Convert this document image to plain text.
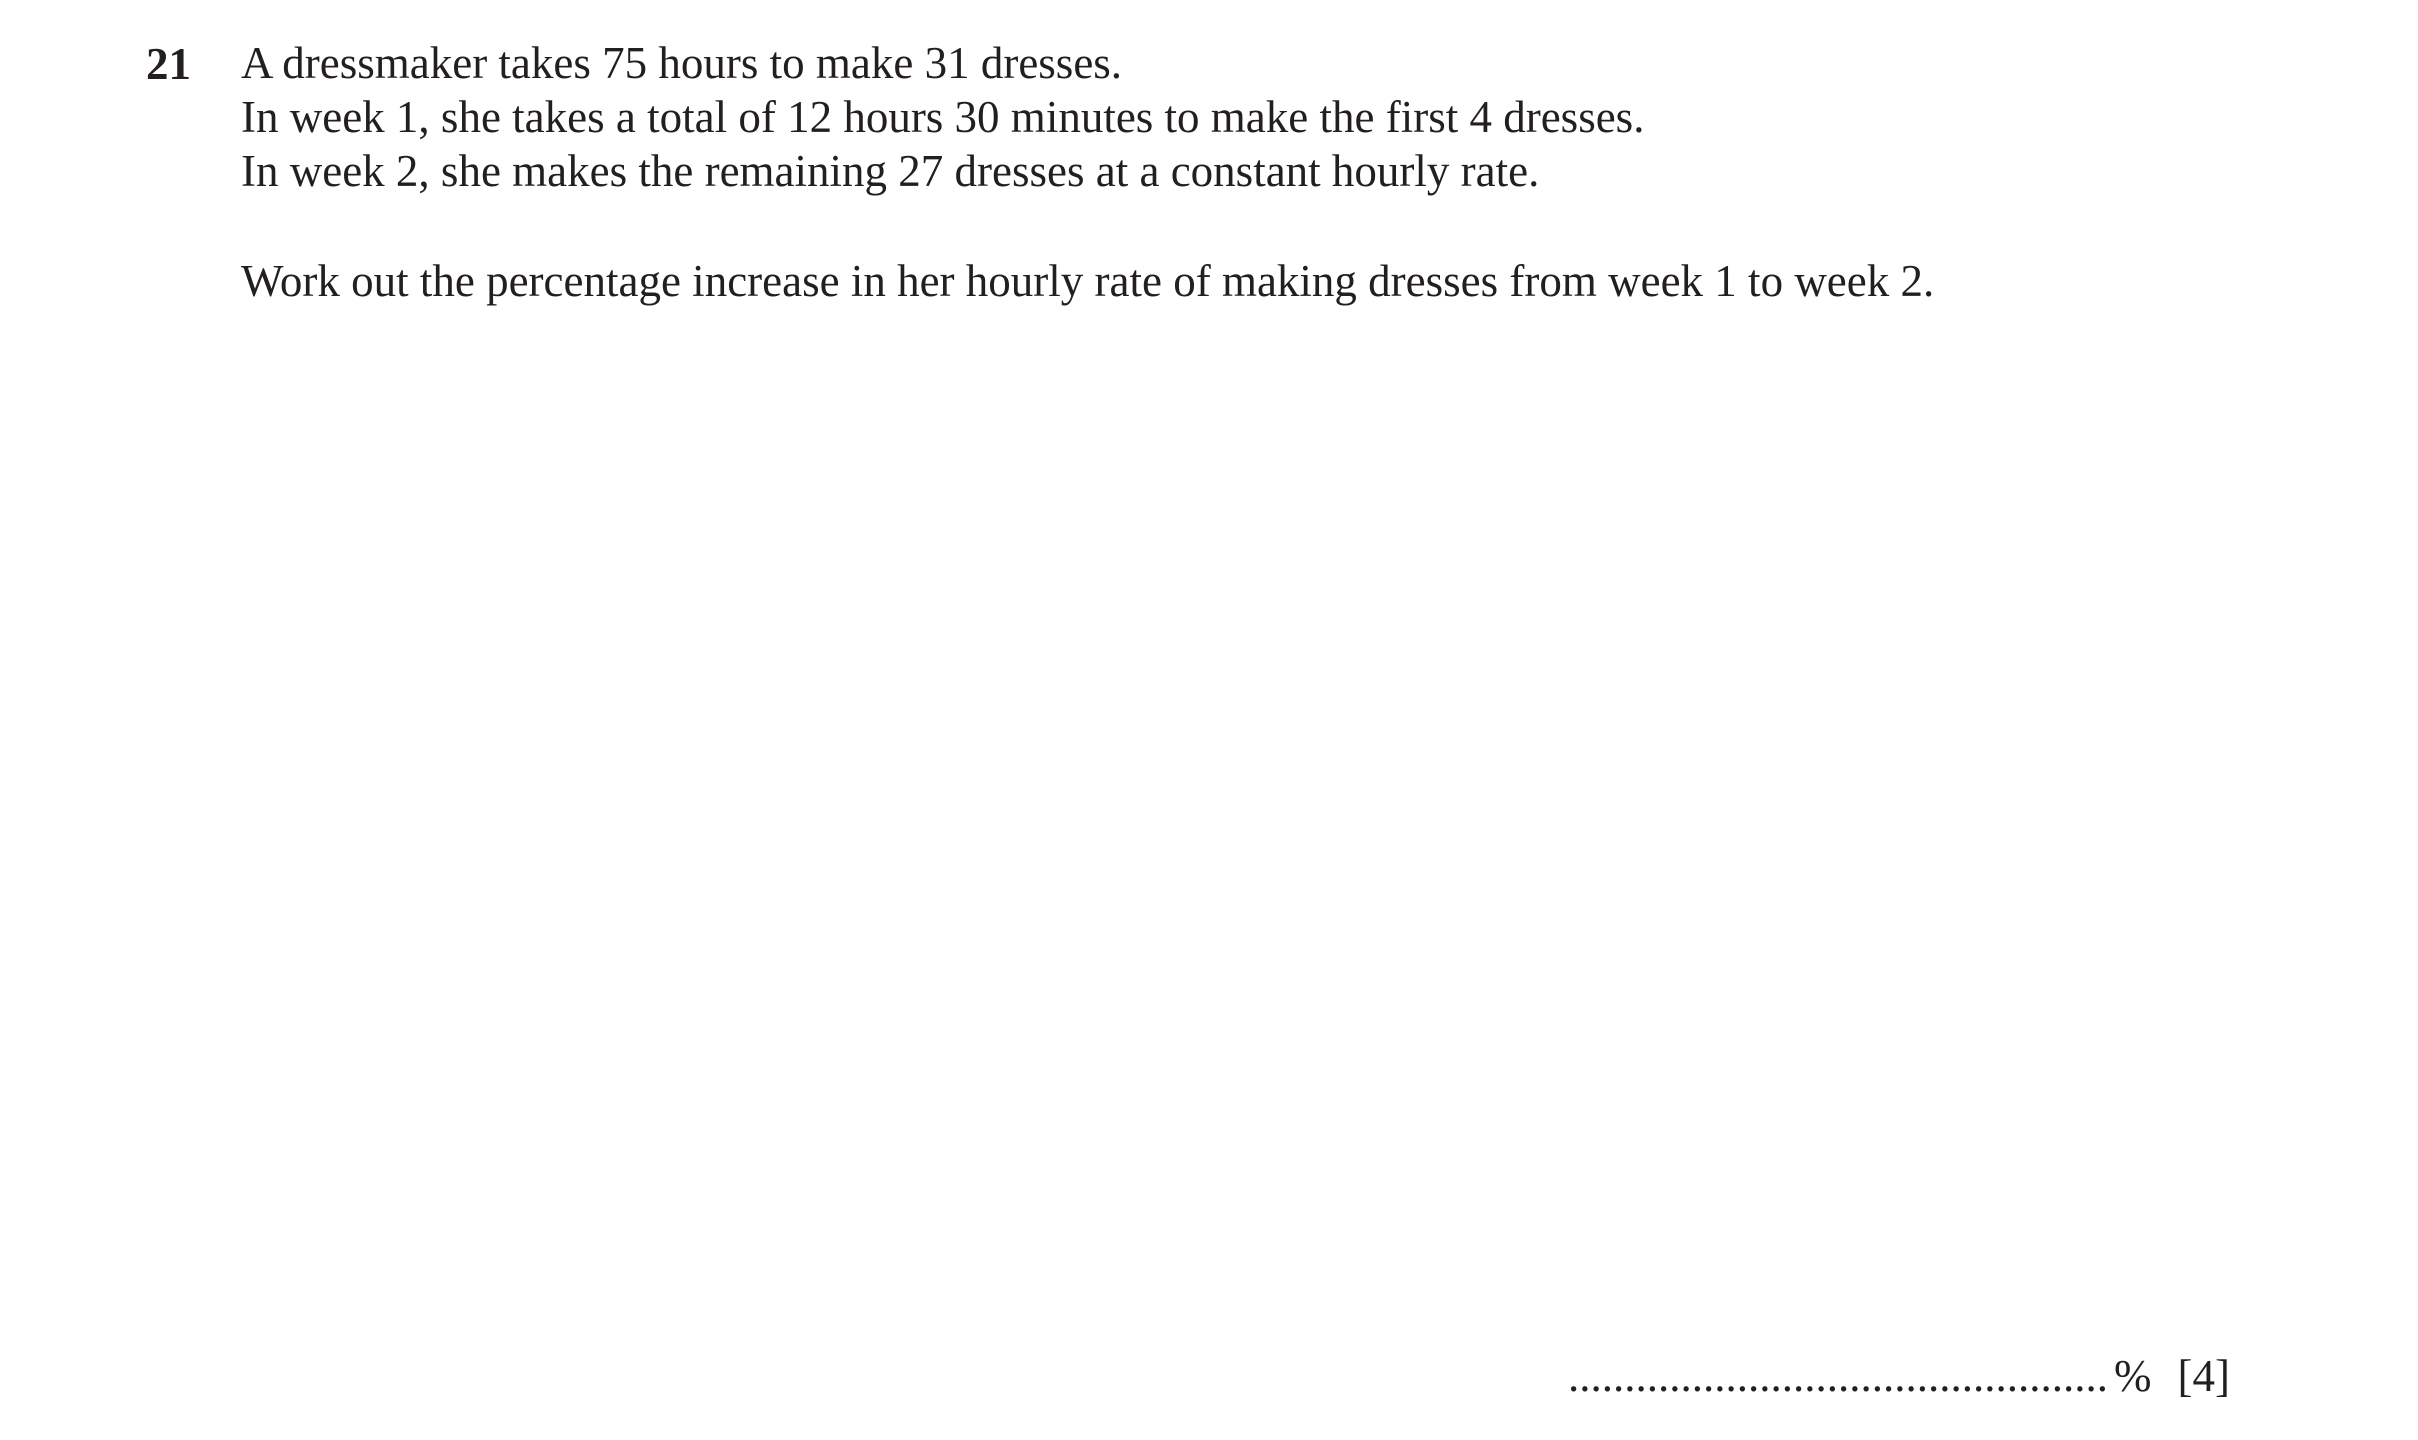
21 A dressmaker takes 75 hours to make 31 dresses.
In week 1, she takes a total of 12 hours 30 minutes to make the first 4 dresses.
In week 2, she makes the remaining 27 dresses at a constant hourly rate.
Work out the percentage increase in her hourly rate of making dresses from week 1 to week 2.
................................................ % [4]
